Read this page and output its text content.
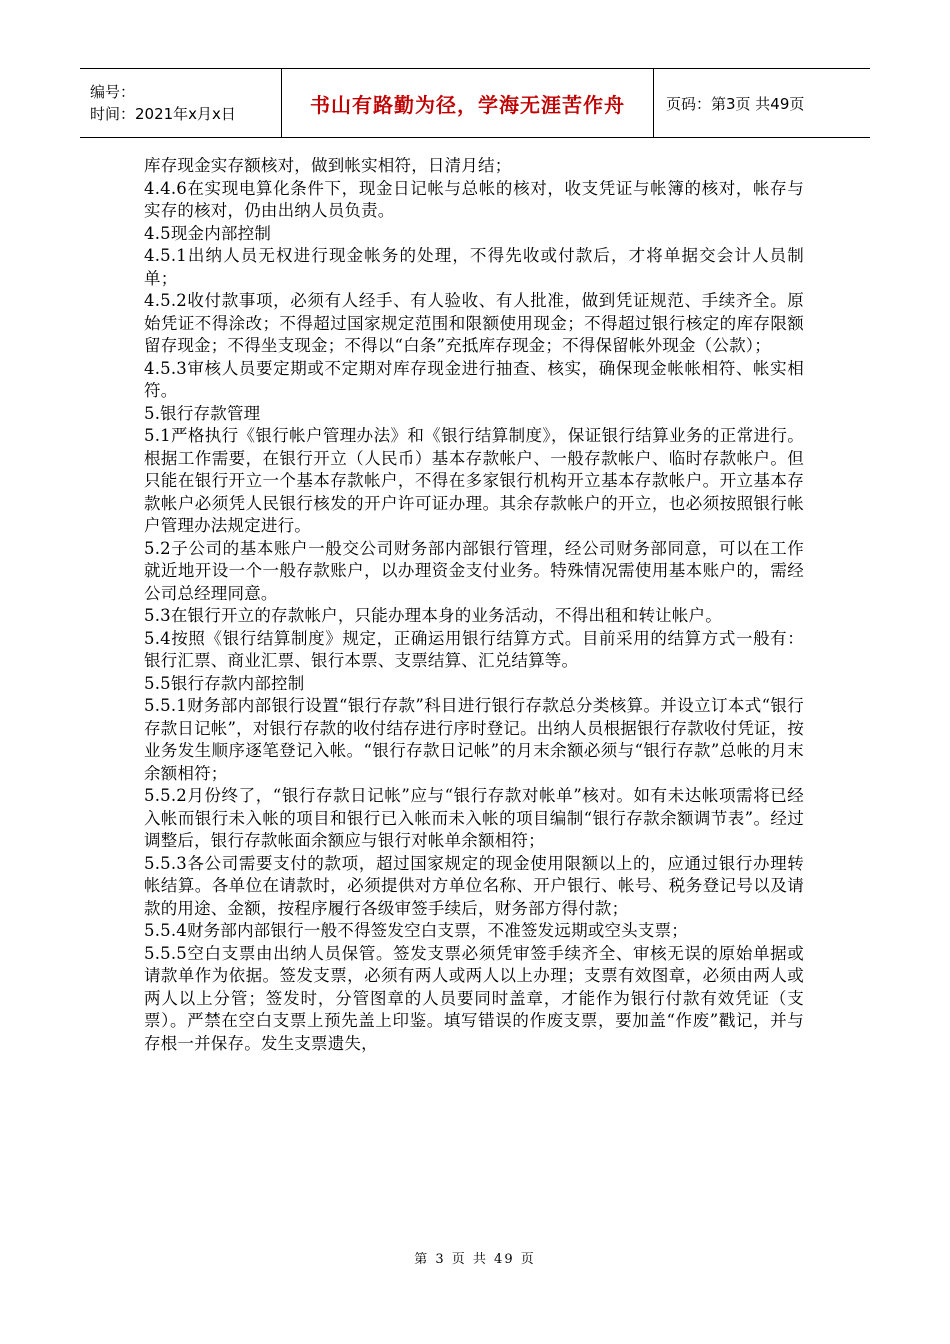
编号：
时间：2021年x月x日	书山有路勤为径，学海无涯苦作舟	页码：第3页 共49页

库存现金实存额核对，做到帐实相符，日清月结；

4.4.6在实现电算化条件下，现金日记帐与总帐的核对，收支凭证与帐簿的核对，帐存与实存的核对，仍由出纳人员负责。

4.5现金内部控制

4.5.1出纳人员无权进行现金帐务的处理，不得先收或付款后，才将单据交会计人员制单；

4.5.2收付款事项，必须有人经手、有人验收、有人批准，做到凭证规范、手续齐全。原始凭证不得涂改；不得超过国家规定范围和限额使用现金；不得超过银行核定的库存限额留存现金；不得坐支现金；不得以“白条”充抵库存现金；不得保留帐外现金（公款）；

4.5.3审核人员要定期或不定期对库存现金进行抽查、核实，确保现金帐帐相符、帐实相符。

5.银行存款管理

5.1严格执行《银行帐户管理办法》和《银行结算制度》，保证银行结算业务的正常进行。根据工作需要，在银行开立（人民币）基本存款帐户、一般存款帐户、临时存款帐户。但只能在银行开立一个基本存款帐户，不得在多家银行机构开立基本存款帐户。开立基本存款帐户必须凭人民银行核发的开户许可证办理。其余存款帐户的开立，也必须按照银行帐户管理办法规定进行。

5.2子公司的基本账户一般交公司财务部内部银行管理，经公司财务部同意，可以在工作就近地开设一个一般存款账户，以办理资金支付业务。特殊情况需使用基本账户的，需经公司总经理同意。

5.3在银行开立的存款帐户，只能办理本身的业务活动，不得出租和转让帐户。

5.4按照《银行结算制度》规定，正确运用银行结算方式。目前采用的结算方式一般有：银行汇票、商业汇票、银行本票、支票结算、汇兑结算等。

5.5银行存款内部控制

5.5.1财务部内部银行设置“银行存款”科目进行银行存款总分类核算。并设立订本式“银行存款日记帐”，对银行存款的收付结存进行序时登记。出纳人员根据银行存款收付凭证，按业务发生顺序逐笔登记入帐。“银行存款日记帐”的月末余额必须与“银行存款”总帐的月末余额相符；

5.5.2月份终了，“银行存款日记帐”应与“银行存款对帐单”核对。如有未达帐项需将已经入帐而银行未入帐的项目和银行已入帐而未入帐的项目编制“银行存款余额调节表”。经过调整后，银行存款帐面余额应与银行对帐单余额相符；

5.5.3各公司需要支付的款项，超过国家规定的现金使用限额以上的，应通过银行办理转帐结算。各单位在请款时，必须提供对方单位名称、开户银行、帐号、税务登记号以及请款的用途、金额，按程序履行各级审签手续后，财务部方得付款；

5.5.4财务部内部银行一般不得签发空白支票，不准签发远期或空头支票；

5.5.5空白支票由出纳人员保管。签发支票必须凭审签手续齐全、审核无误的原始单据或请款单作为依据。签发支票，必须有两人或两人以上办理；支票有效图章，必须由两人或两人以上分管；签发时，分管图章的人员要同时盖章，才能作为银行付款有效凭证（支票）。严禁在空白支票上预先盖上印鉴。填写错误的作废支票，要加盖“作废”戳记，并与存根一并保存。发生支票遗失，

第 3 页 共 49 页
